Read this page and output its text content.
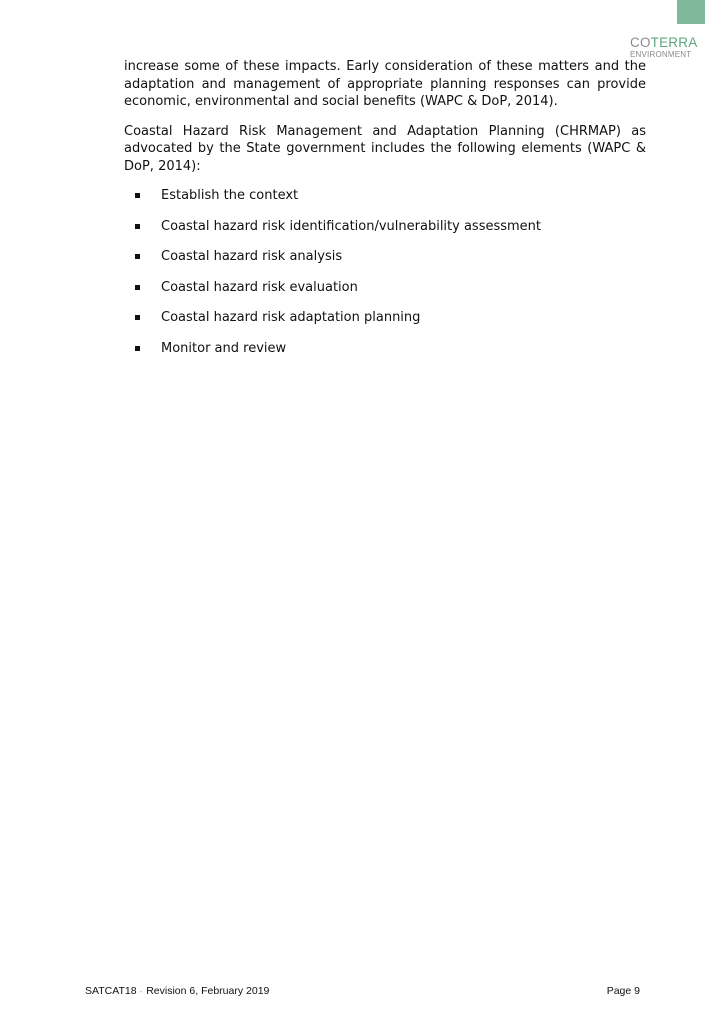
COTERRA
ENVIRONMENT

increase some of these impacts. Early consideration of these matters and the adaptation and management of appropriate planning responses can provide economic, environmental and social benefits (WAPC & DoP, 2014).

Coastal Hazard Risk Management and Adaptation Planning (CHRMAP) as advocated by the State government includes the following elements (WAPC & DoP, 2014):

Establish the context
Coastal hazard risk identification/vulnerability assessment
Coastal hazard risk analysis
Coastal hazard risk evaluation
Coastal hazard risk adaptation planning
Monitor and review
SATCAT18 - Revision 6, February 2019	Page 9
